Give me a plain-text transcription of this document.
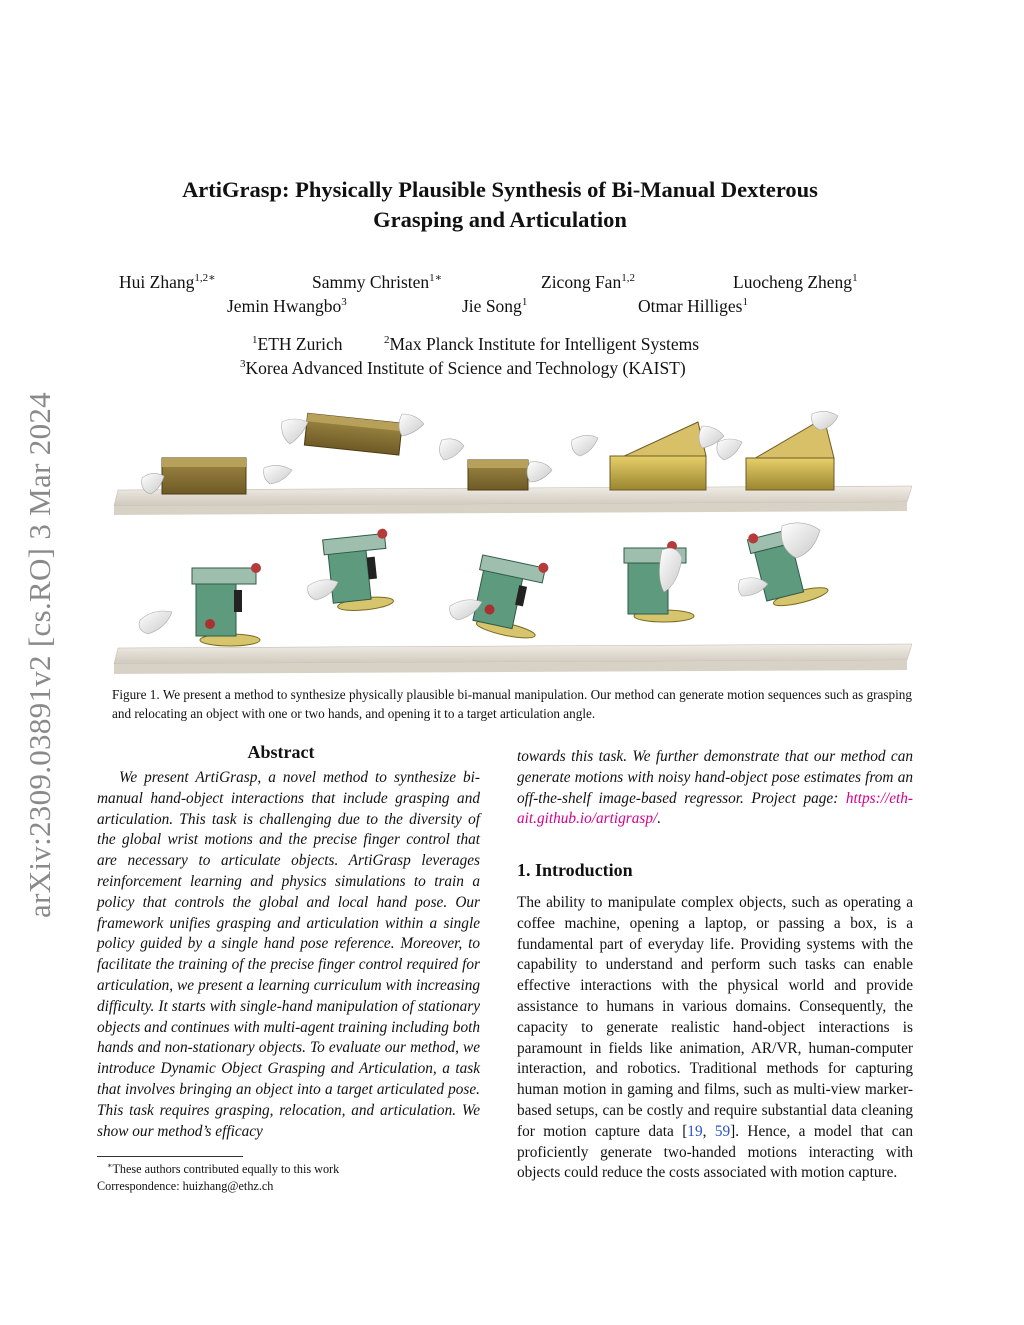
arXiv:2309.03891v2 [cs.RO] 3 Mar 2024
ArtiGrasp: Physically Plausible Synthesis of Bi-Manual Dexterous
Grasping and Articulation
Hui Zhang$^{1,2∗}$	Sammy Christen$^{1∗}$	Zicong Fan$^{1,2}$	Luocheng Zheng$^1$
Jemin Hwangbo$^3$	Jie Song$^1$	Otmar Hilliges$^1$
$^1$ETH Zurich	$^2$Max Planck Institute for Intelligent Systems
$^3$Korea Advanced Institute of Science and Technology (KAIST)
Figure 1. We present a method to synthesize physically plausible bi-manual manipulation. Our method can generate motion sequences such as grasping and relocating an object with one or two hands, and opening it to a target articulation angle.
Abstract
We present ArtiGrasp, a novel method to synthesize bi-manual hand-object interactions that include grasping and articulation. This task is challenging due to the diversity of the global wrist motions and the precise finger control that are necessary to articulate objects. ArtiGrasp leverages reinforcement learning and physics simulations to train a policy that controls the global and local hand pose. Our framework unifies grasping and articulation within a single policy guided by a single hand pose reference. Moreover, to facilitate the training of the precise finger control required for articulation, we present a learning curriculum with increasing difficulty. It starts with single-hand manipulation of stationary objects and continues with multi-agent training including both hands and non-stationary objects. To evaluate our method, we introduce Dynamic Object Grasping and Articulation, a task that involves bringing an object into a target articulated pose. This task requires grasping, relocation, and articulation. We show our method’s efficacy
towards this task. We further demonstrate that our method can generate motions with noisy hand-object pose estimates from an off-the-shelf image-based regressor. Project page: https://eth-ait.github.io/artigrasp/.
1. Introduction
The ability to manipulate complex objects, such as operating a coffee machine, opening a laptop, or passing a box, is a fundamental part of everyday life. Providing systems with the capability to understand and perform such tasks can enable effective interactions with the physical world and provide assistance to humans in various domains. Consequently, the capacity to generate realistic hand-object interactions is paramount in fields like animation, AR/VR, human-computer interaction, and robotics. Traditional methods for capturing human motion in gaming and films, such as multi-view marker-based setups, can be costly and require substantial data cleaning for motion capture data [19, 59]. Hence, a model that can proficiently generate two-handed motions interacting with objects could reduce the costs associated with motion capture.
∗These authors contributed equally to this work
Correspondence: huizhang@ethz.ch
